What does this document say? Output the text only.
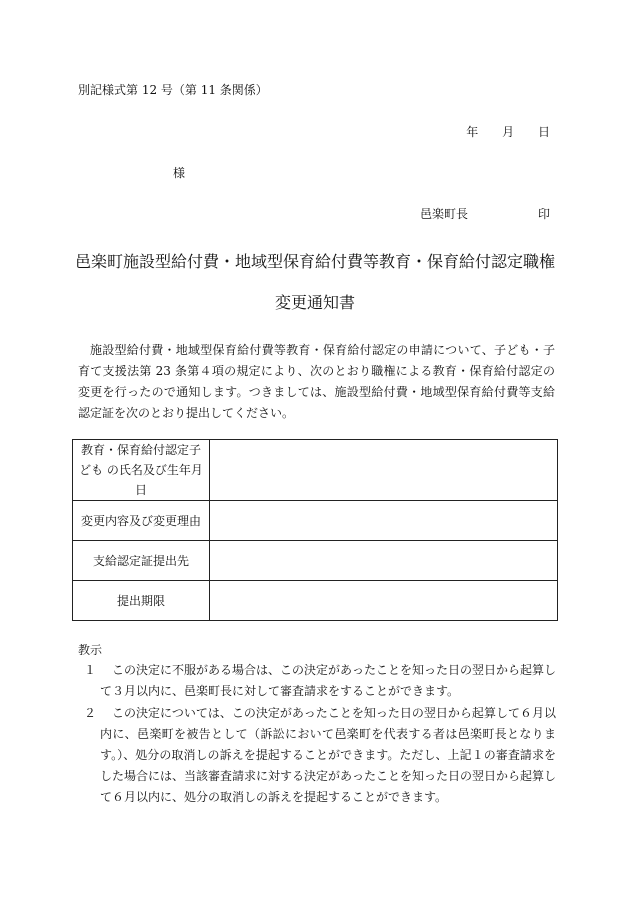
別記様式第 12 号（第 11 条関係）
年 月 日
様
邑楽町長	印
邑楽町施設型給付費・地域型保育給付費等教育・保育給付認定職権
変更通知書
施設型給付費・地域型保育給付費等教育・保育給付認定の申請について、子ども・子育て支援法第 23 条第４項の規定により、次のとおり職権による教育・保育給付認定の変更を行ったので通知します。つきましては、施設型給付費・地域型保育給付費等支給認定証を次のとおり提出してください。
教育・保育給付認定子ども の氏名及び生年月日	
変更内容及び変更理由	
支給認定証提出先	
提出期限	
教示
１ この決定に不服がある場合は、この決定があったことを知った日の翌日から起算して３月以内に、邑楽町長に対して審査請求をすることができます。
２ この決定については、この決定があったことを知った日の翌日から起算して６月以内に、邑楽町を被告として（訴訟において邑楽町を代表する者は邑楽町長となります。）、処分の取消しの訴えを提起することができます。ただし、上記１の審査請求をした場合には、当該審査請求に対する決定があったことを知った日の翌日から起算して６月以内に、処分の取消しの訴えを提起することができます。
